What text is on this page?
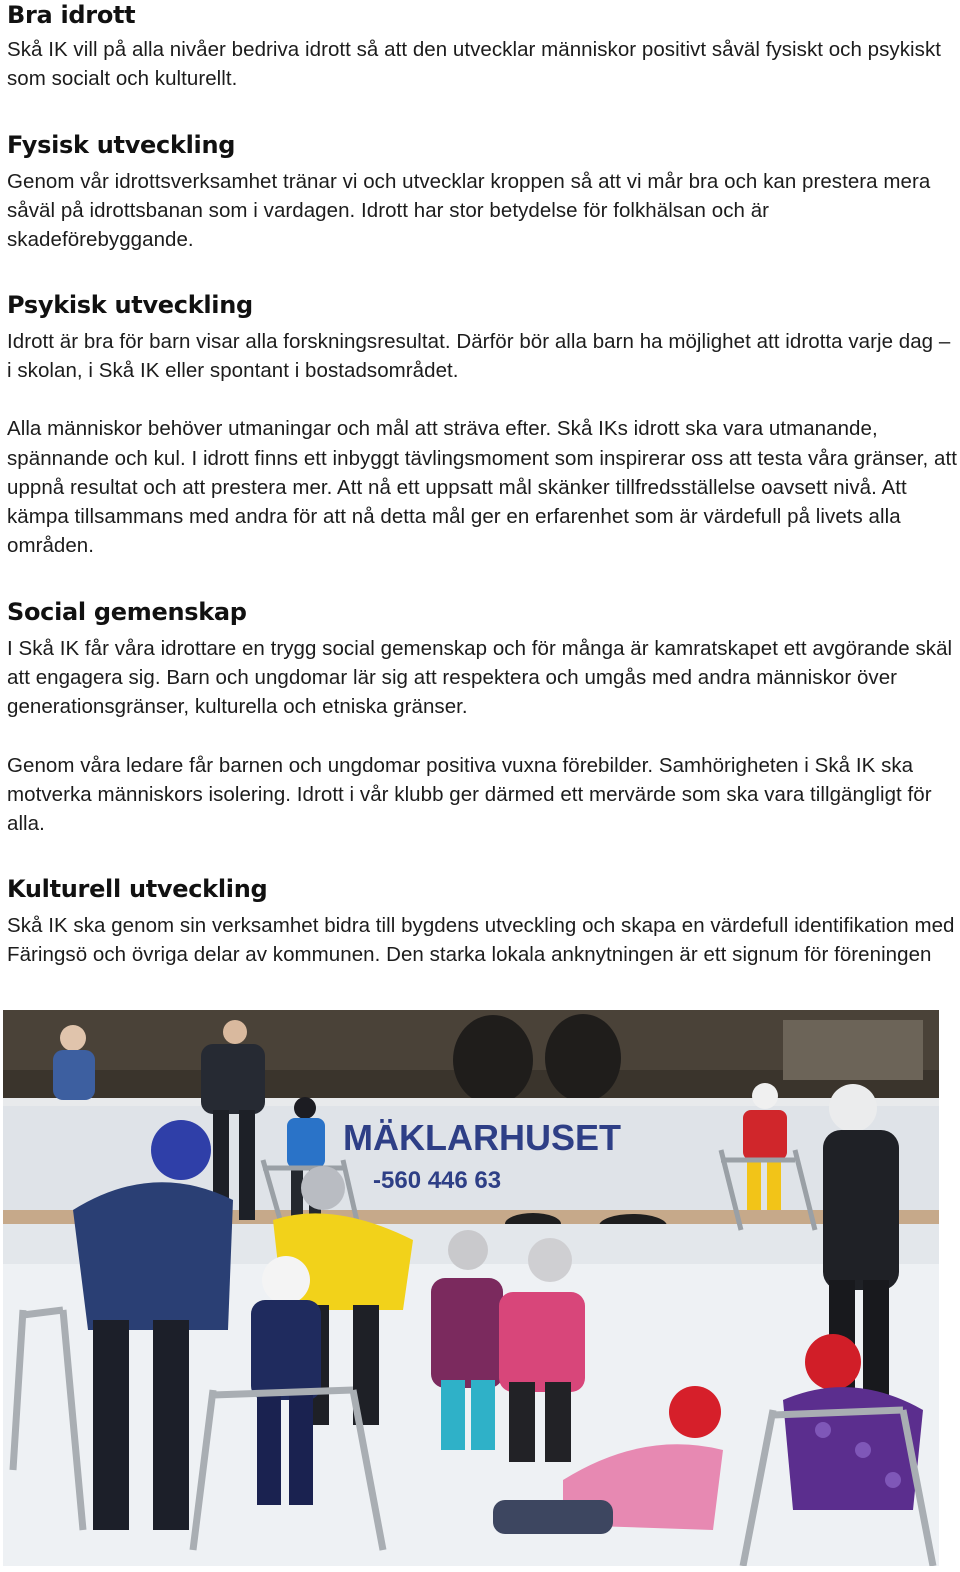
Bra idrott

Skå IK vill på alla nivåer bedriva idrott så att den utvecklar människor positivt såväl fysiskt och psykiskt som socialt och kulturellt.

Fysisk utveckling

Genom vår idrottsverksamhet tränar vi och utvecklar kroppen så att vi mår bra och kan prestera mera såväl på idrottsbanan som i vardagen. Idrott har stor betydelse för folkhälsan och är skadeförebyggande.

Psykisk utveckling

Idrott är bra för barn visar alla forskningsresultat. Därför bör alla barn ha möjlighet att idrotta varje dag – i skolan, i Skå IK eller spontant i bostadsområdet.

Alla människor behöver utmaningar och mål att sträva efter. Skå IKs idrott ska vara utmanande, spännande och kul. I idrott finns ett inbyggt tävlingsmoment som inspirerar oss att testa våra gränser, att uppnå resultat och att prestera mer. Att nå ett uppsatt mål skänker tillfredsställelse oavsett nivå. Att kämpa tillsammans med andra för att nå detta mål ger en erfarenhet som är värdefull på livets alla områden.

Social gemenskap

I Skå IK får våra idrottare en trygg social gemenskap och för många är kamratskapet ett avgörande skäl att engagera sig. Barn och ungdomar lär sig att respektera och umgås med andra människor över generationsgränser, kulturella och etniska gränser.

Genom våra ledare får barnen och ungdomar positiva vuxna förebilder. Samhörigheten i Skå IK ska motverka människors isolering. Idrott i vår klubb ger därmed ett mervärde som ska vara tillgängligt för alla.

Kulturell utveckling

Skå IK ska genom sin verksamhet bidra till bygdens utveckling och skapa en värdefull identifikation med Färingsö och övriga delar av kommunen. Den starka lokala anknytningen är ett signum för föreningen

MÄKLARHUSET
-560 446 63
